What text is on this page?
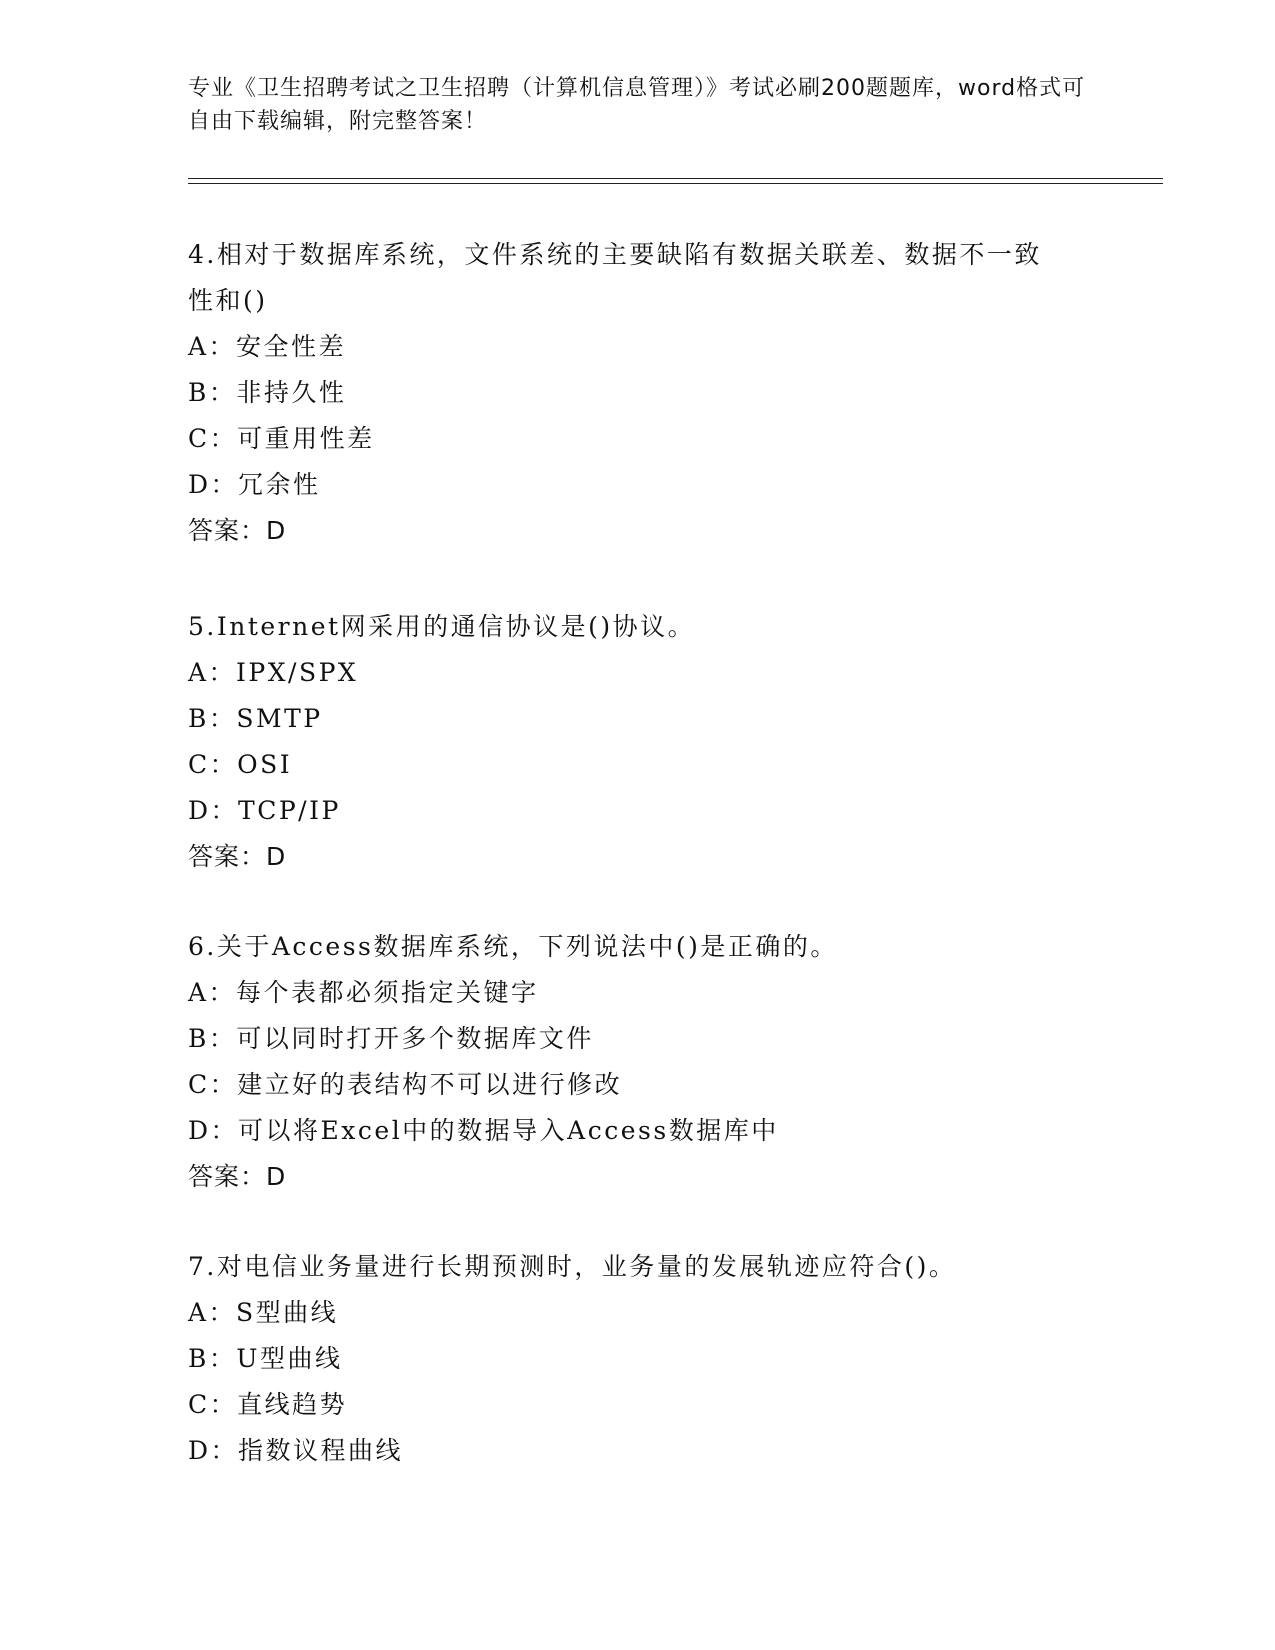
专业《卫生招聘考试之卫生招聘（计算机信息管理）》考试必刷200题题库，word格式可自由下载编辑，附完整答案！
4.相对于数据库系统，文件系统的主要缺陷有数据关联差、数据不一致性和()
A：安全性差
B：非持久性
C：可重用性差
D：冗余性
答案：D
5.Internet网采用的通信协议是()协议。
A：IPX/SPX
B：SMTP
C：OSI
D：TCP/IP
答案：D
6.关于Access数据库系统，下列说法中()是正确的。
A：每个表都必须指定关键字
B：可以同时打开多个数据库文件
C：建立好的表结构不可以进行修改
D：可以将Excel中的数据导入Access数据库中
答案：D
7.对电信业务量进行长期预测时，业务量的发展轨迹应符合()。
A：S型曲线
B：U型曲线
C：直线趋势
D：指数议程曲线
